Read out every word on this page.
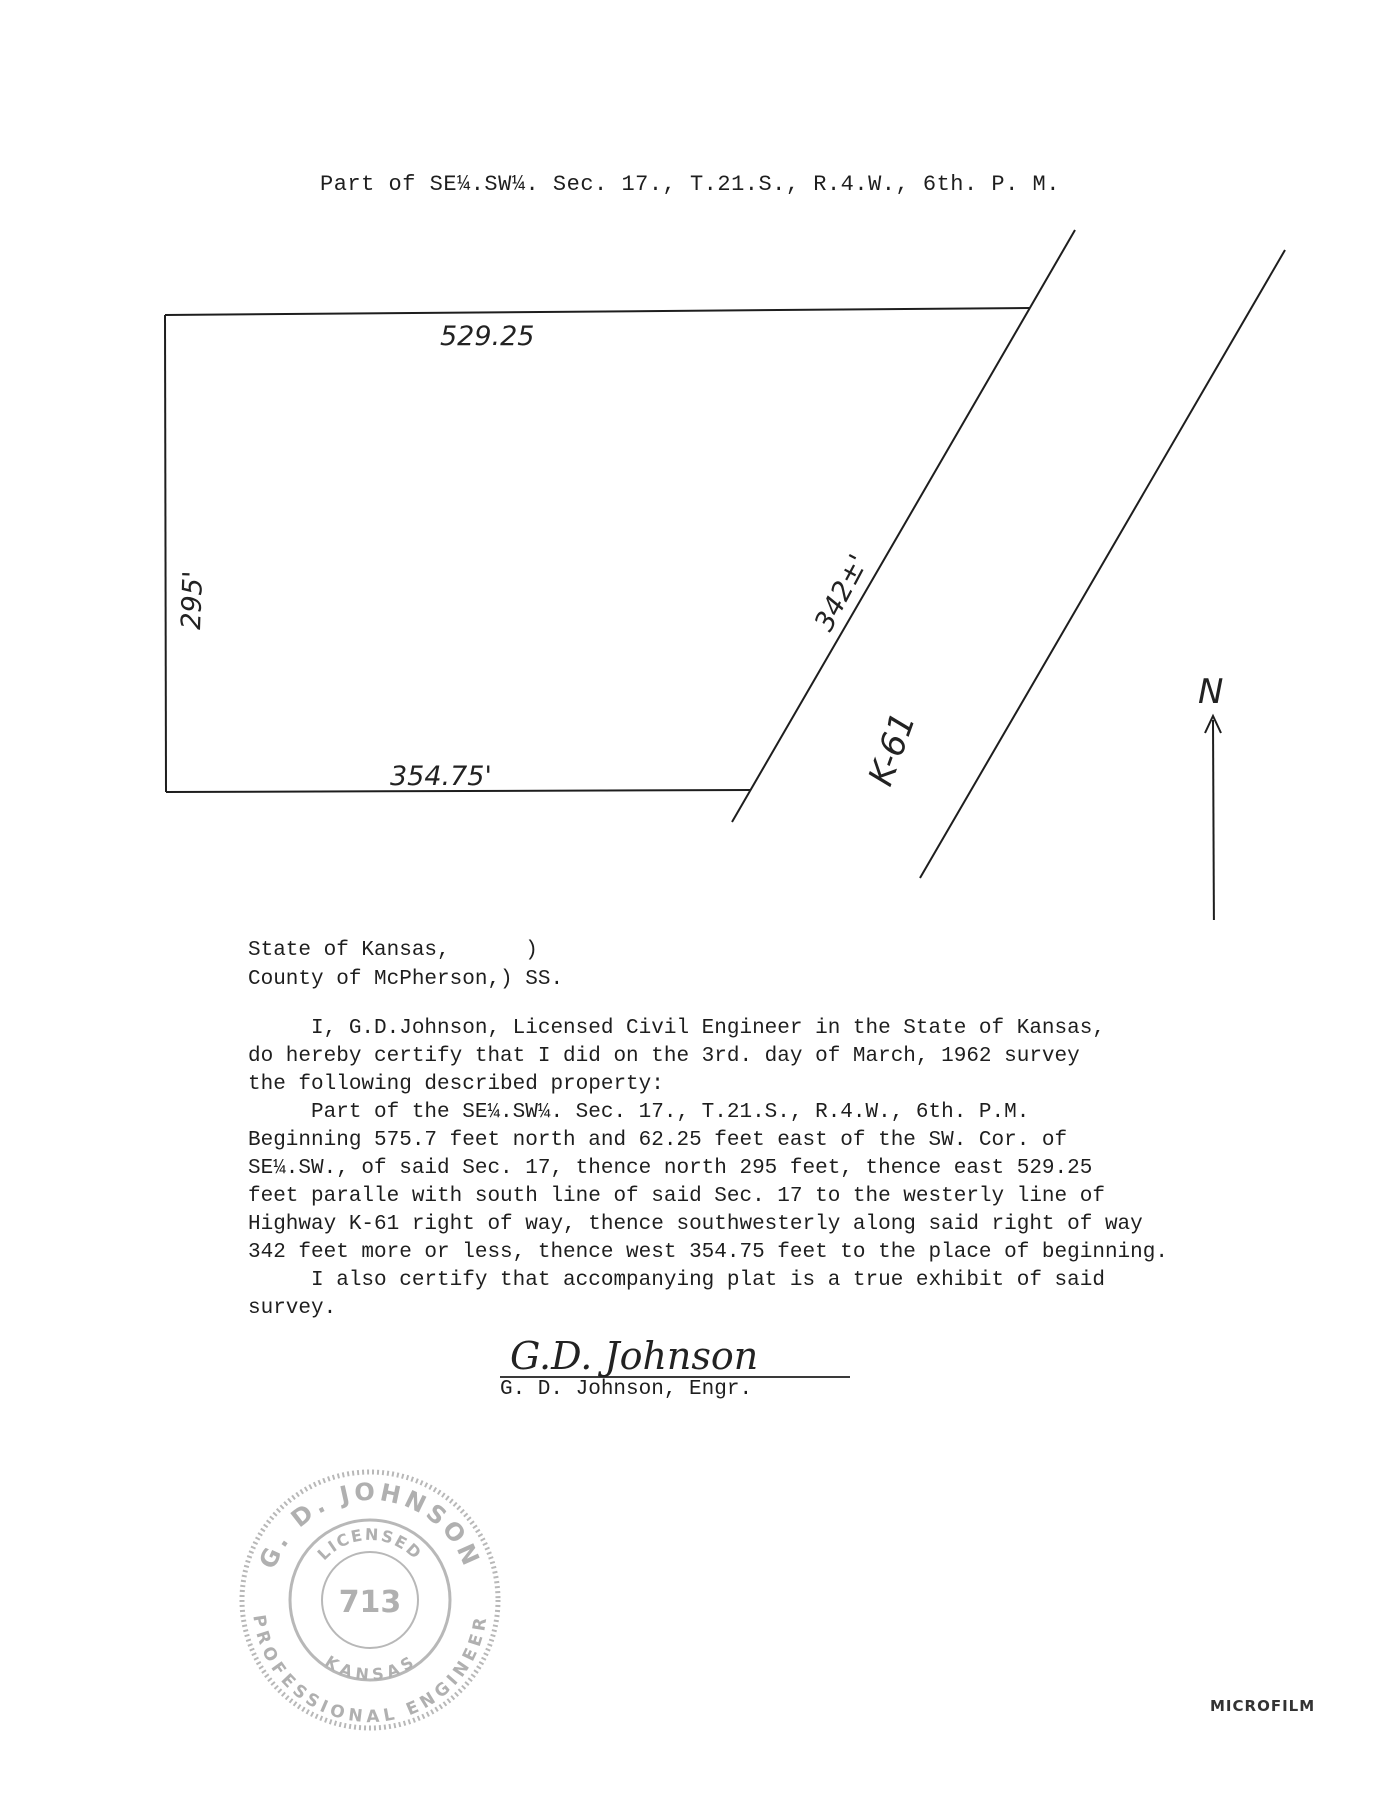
Part of SE¼.SW¼. Sec. 17., T.21.S., R.4.W., 6th. P. M.
529.25
295'
354.75'
342±'
K-61
N
State of Kansas,      )
County of McPherson,) SS.

I, G.D.Johnson, Licensed Civil Engineer in the State of Kansas,

do hereby certify that I did on the 3rd. day of March, 1962 survey

the following described property:

Part of the SE¼.SW¼. Sec. 17., T.21.S., R.4.W., 6th. P.M.

Beginning 575.7 feet north and 62.25 feet east of the SW. Cor. of

SE¼.SW., of said Sec. 17, thence north 295 feet, thence east 529.25

feet paralle with south line of said Sec. 17 to the westerly line of

Highway K-61 right of way, thence southwesterly along said right of way

342 feet more or less, thence west 354.75 feet to the place of beginning.

I also certify that accompanying plat is a true exhibit of said

survey.

G.D. Johnson
G. D. Johnson, Engr.
G. D. JOHNSON
PROFESSIONAL ENGINEER
LICENSED
KANSAS
713
MICROFILM
